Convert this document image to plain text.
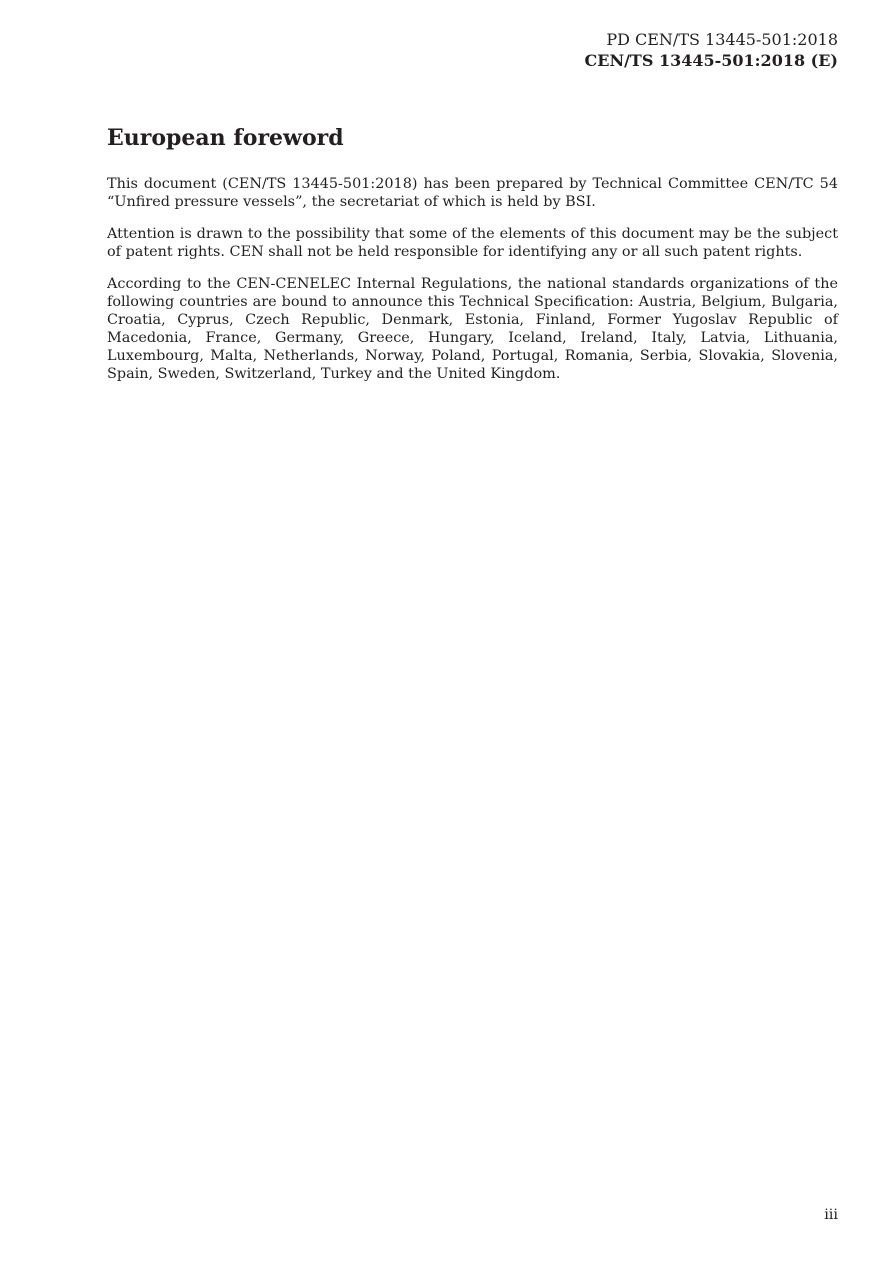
PD CEN/TS 13445-501:2018
CEN/TS 13445-501:2018 (E)
European foreword

This document (CEN/TS 13445-501:2018) has been prepared by Technical Committee CEN/TC 54 “Unfired pressure vessels”, the secretariat of which is held by BSI.

Attention is drawn to the possibility that some of the elements of this document may be the subject of patent rights. CEN shall not be held responsible for identifying any or all such patent rights.

According to the CEN-CENELEC Internal Regulations, the national standards organizations of the following countries are bound to announce this Technical Specification: Austria, Belgium, Bulgaria, Croatia, Cyprus, Czech Republic, Denmark, Estonia, Finland, Former Yugoslav Republic of Macedonia, France, Germany, Greece, Hungary, Iceland, Ireland, Italy, Latvia, Lithuania, Luxembourg, Malta, Netherlands, Norway, Poland, Portugal, Romania, Serbia, Slovakia, Slovenia, Spain, Sweden, Switzerland, Turkey and the United Kingdom.

iii
